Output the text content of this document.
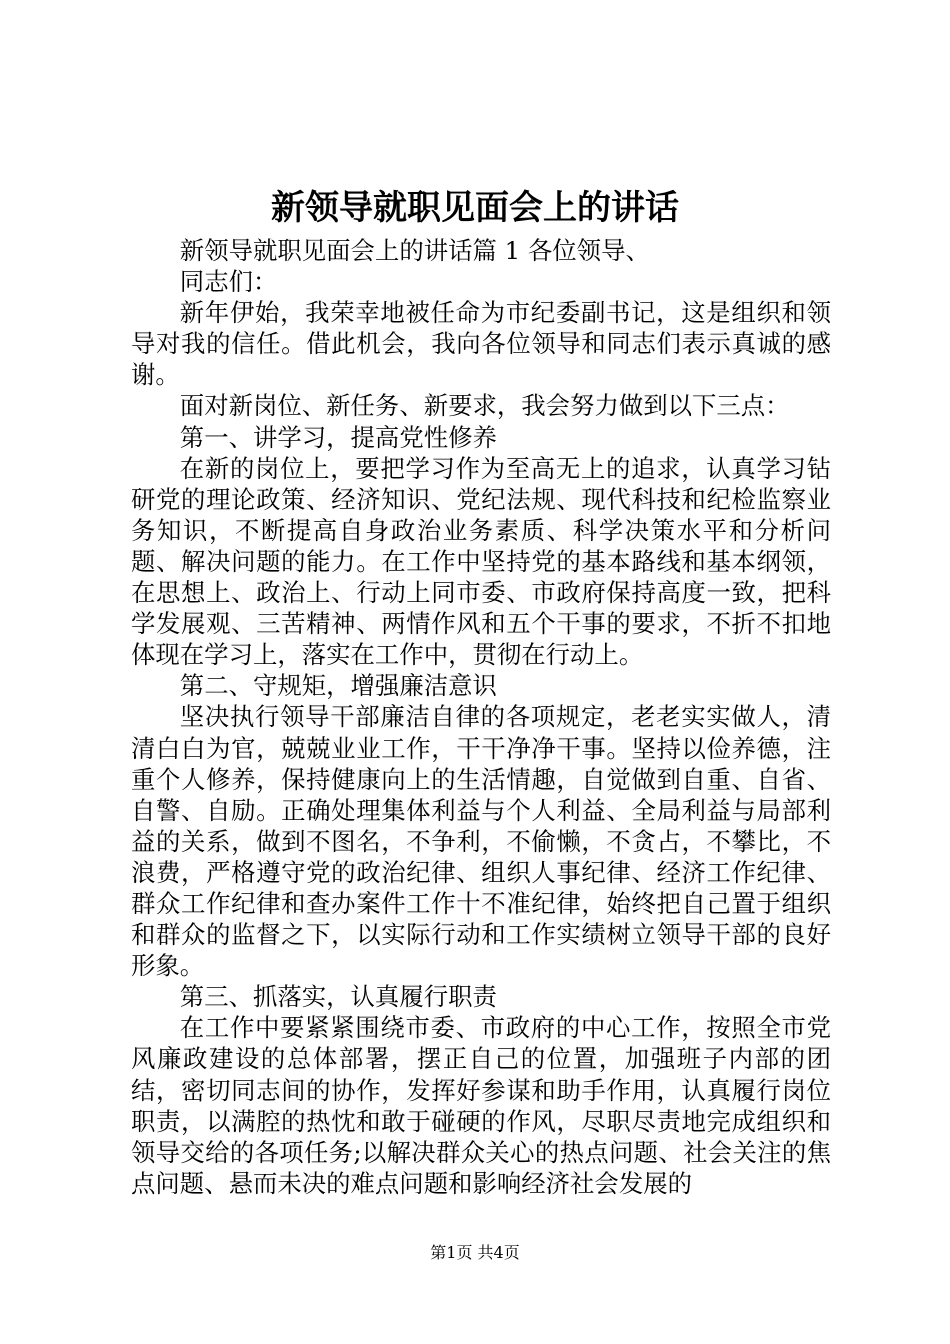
新领导就职见面会上的讲话

新领导就职见面会上的讲话篇 1 各位领导、

同志们：

新年伊始，我荣幸地被任命为市纪委副书记，这是组织和领导对我的信任。借此机会，我向各位领导和同志们表示真诚的感谢。

面对新岗位、新任务、新要求，我会努力做到以下三点：

第一、讲学习，提高党性修养

在新的岗位上，要把学习作为至高无上的追求，认真学习钻研党的理论政策、经济知识、党纪法规、现代科技和纪检监察业务知识，不断提高自身政治业务素质、科学决策水平和分析问题、解决问题的能力。在工作中坚持党的基本路线和基本纲领，在思想上、政治上、行动上同市委、市政府保持高度一致，把科学发展观、三苦精神、两情作风和五个干事的要求，不折不扣地体现在学习上，落实在工作中，贯彻在行动上。

第二、守规矩，增强廉洁意识

坚决执行领导干部廉洁自律的各项规定，老老实实做人，清清白白为官，兢兢业业工作，干干净净干事。坚持以俭养德，注重个人修养，保持健康向上的生活情趣，自觉做到自重、自省、自警、自励。正确处理集体利益与个人利益、全局利益与局部利益的关系，做到不图名，不争利，不偷懒，不贪占，不攀比，不浪费，严格遵守党的政治纪律、组织人事纪律、经济工作纪律、群众工作纪律和查办案件工作十不准纪律，始终把自己置于组织和群众的监督之下，以实际行动和工作实绩树立领导干部的良好形象。

第三、抓落实，认真履行职责

在工作中要紧紧围绕市委、市政府的中心工作，按照全市党风廉政建设的总体部署，摆正自己的位置，加强班子内部的团结，密切同志间的协作，发挥好参谋和助手作用，认真履行岗位职责，以满腔的热忱和敢于碰硬的作风，尽职尽责地完成组织和领导交给的各项任务;以解决群众关心的热点问题、社会关注的焦点问题、悬而未决的难点问题和影响经济社会发展的

第1页 共4页
